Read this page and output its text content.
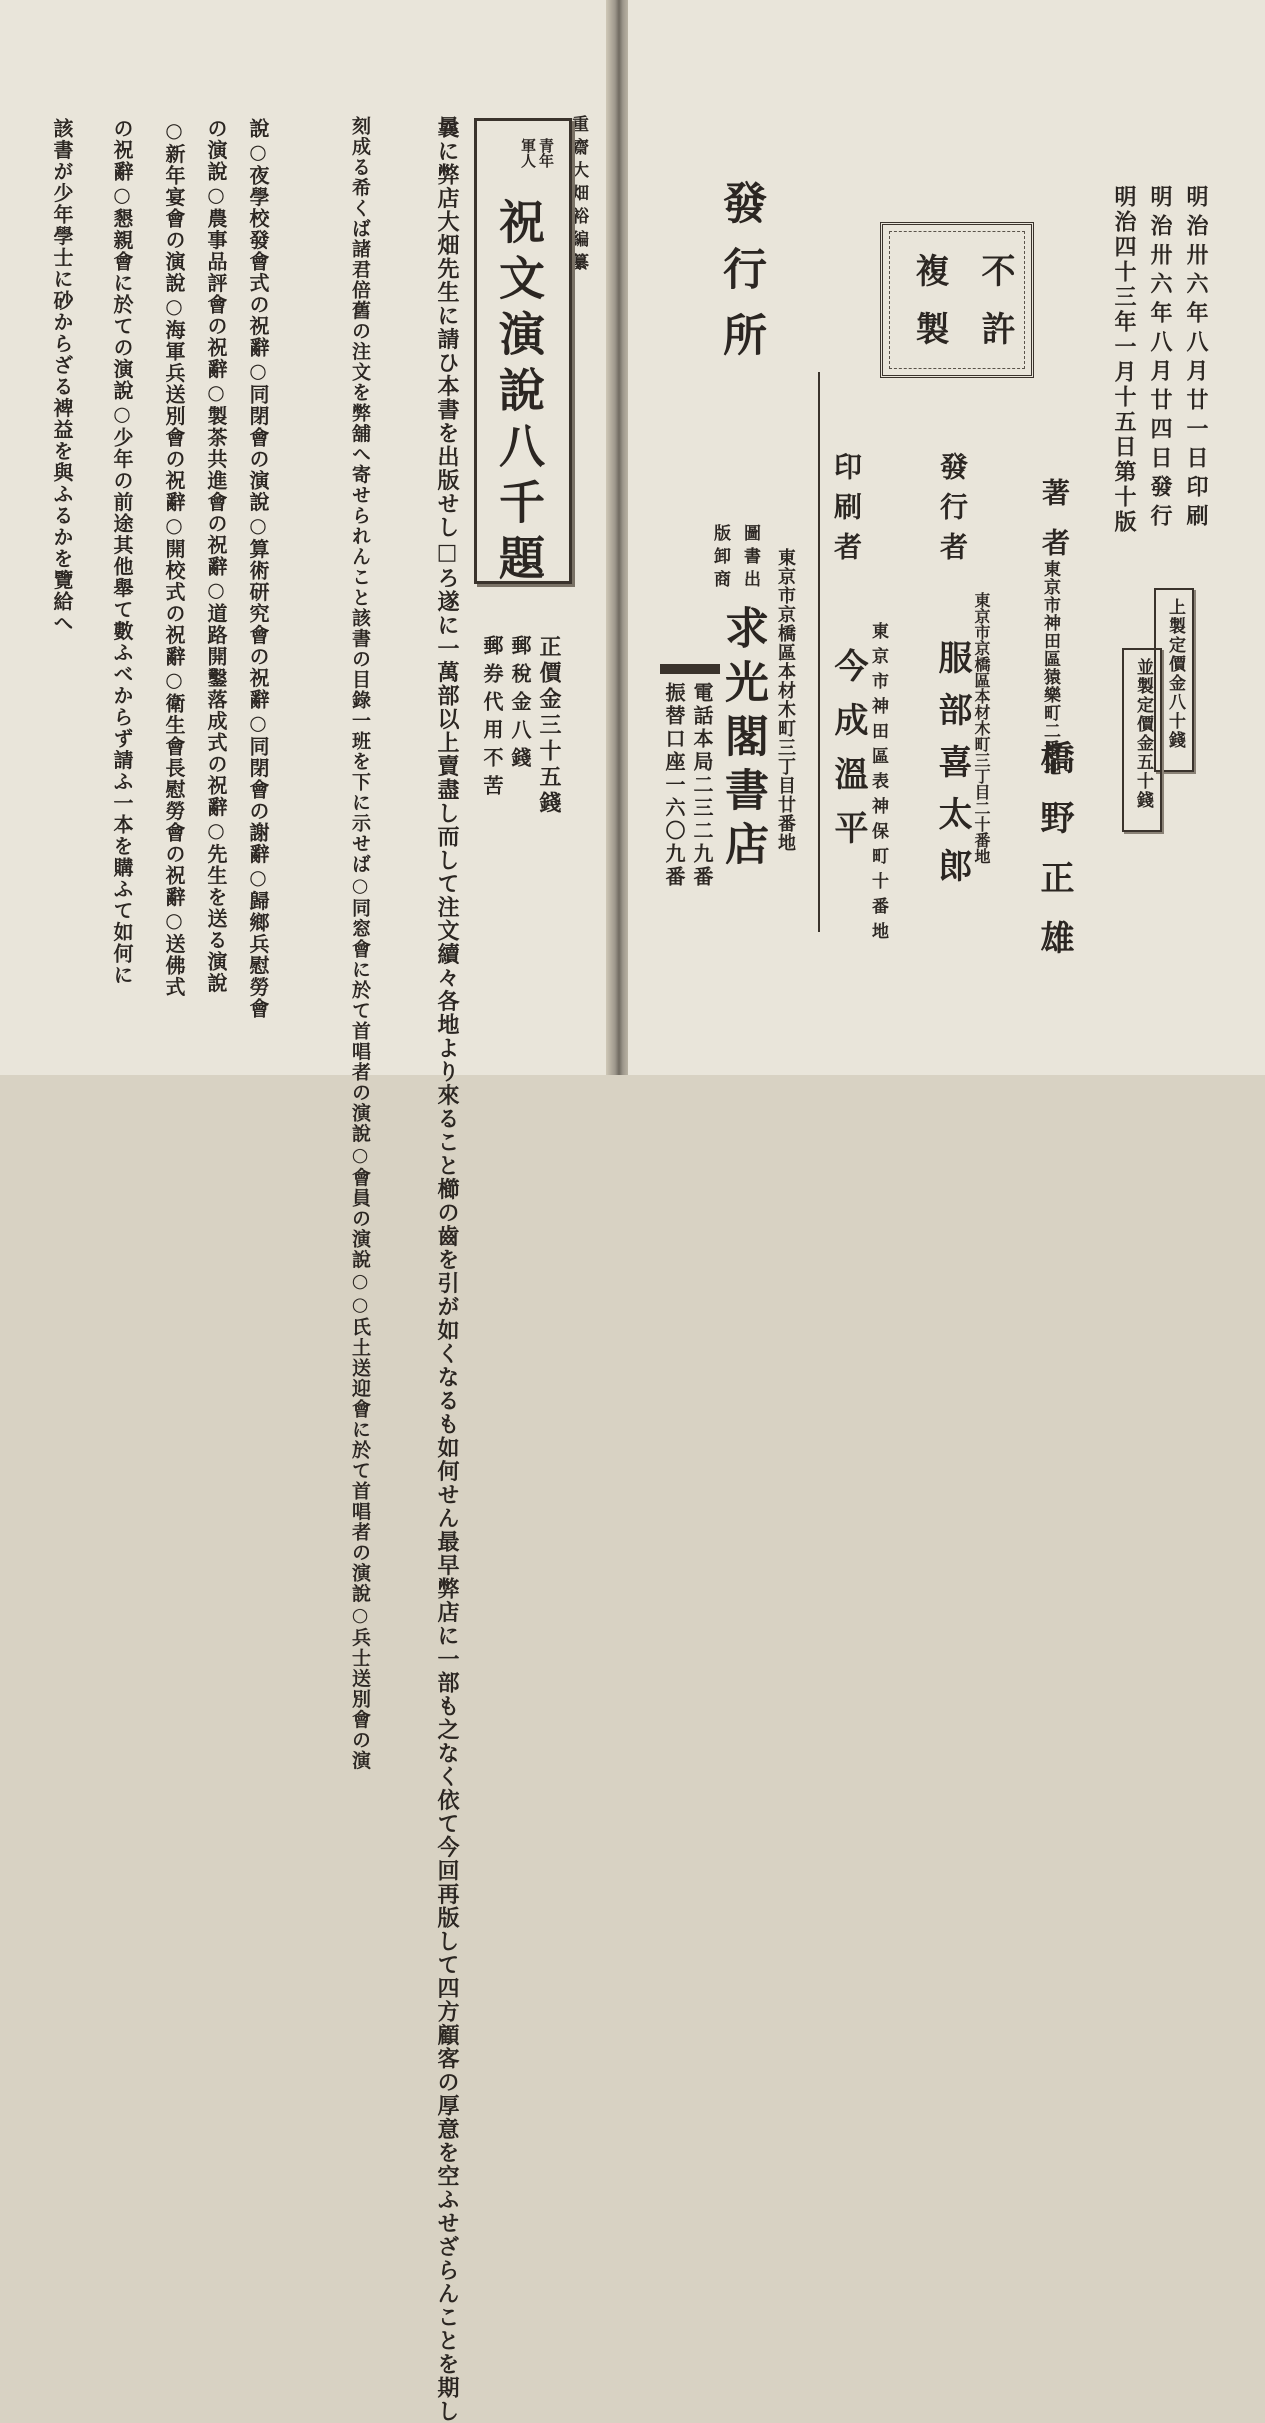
重齋大畑裕編纂
青年
軍人
祝文演說八千題
曩に弊店大畑先生に請ひ本書を出版せし□ろ遂に一萬部以上賣盡し而して注文續々各地より來ること櫛の齒を引が如くなるも如何せん最早弊店に一部も之なく依て今回再版して四方顧客の厚意を空ふせざらんことを期し
刻成る希くば諸君倍舊の注文を弊舖へ寄せられんこと該書の目錄一班を下に示せば○同窓會に於て首唱者の演說○會員の演說○○氏土送迎會に於て首唱者の演說○兵士送別會の演
說○夜學校發會式の祝辭○同閉會の演說○算術研究會の祝辭○同閉會の謝辭○歸鄉兵慰勞會
の演說○農事品評會の祝辭○製茶共進會の祝辭○道路開鑿落成式の祝辭○先生を送る演說
○新年宴會の演說○海軍兵送別會の祝辭○開校式の祝辭○衛生會長慰勞會の祝辭○送佛式
の祝辭○懇親會に於ての演說○少年の前途其他舉て數ふべからず請ふ一本を購ふて如何に
該書が少年學士に砂からざる裨益を與ふるかを覽給へ
正價金三十五錢
郵稅金八錢
郵券代用不苦
明治卅六年八月廿一日印刷
明治卅六年八月廿四日發行
明治四十三年一月十五日第十版
上製定價金八十錢
並製定價金五十錢
東京市神田區猿樂町二番地
著者
橋野正雄
不
許
複
製
發行者
東京市京橋區本材木町三丁目二十番地
服部喜太郎
東京市神田區表神保町十番地
印刷者
今成溫平
發行所
圖書出
版卸商	東京市京橋區本材木町三丁目廿番地
求光閣書店
電話本局二三二九番
振替口座一六〇九番
